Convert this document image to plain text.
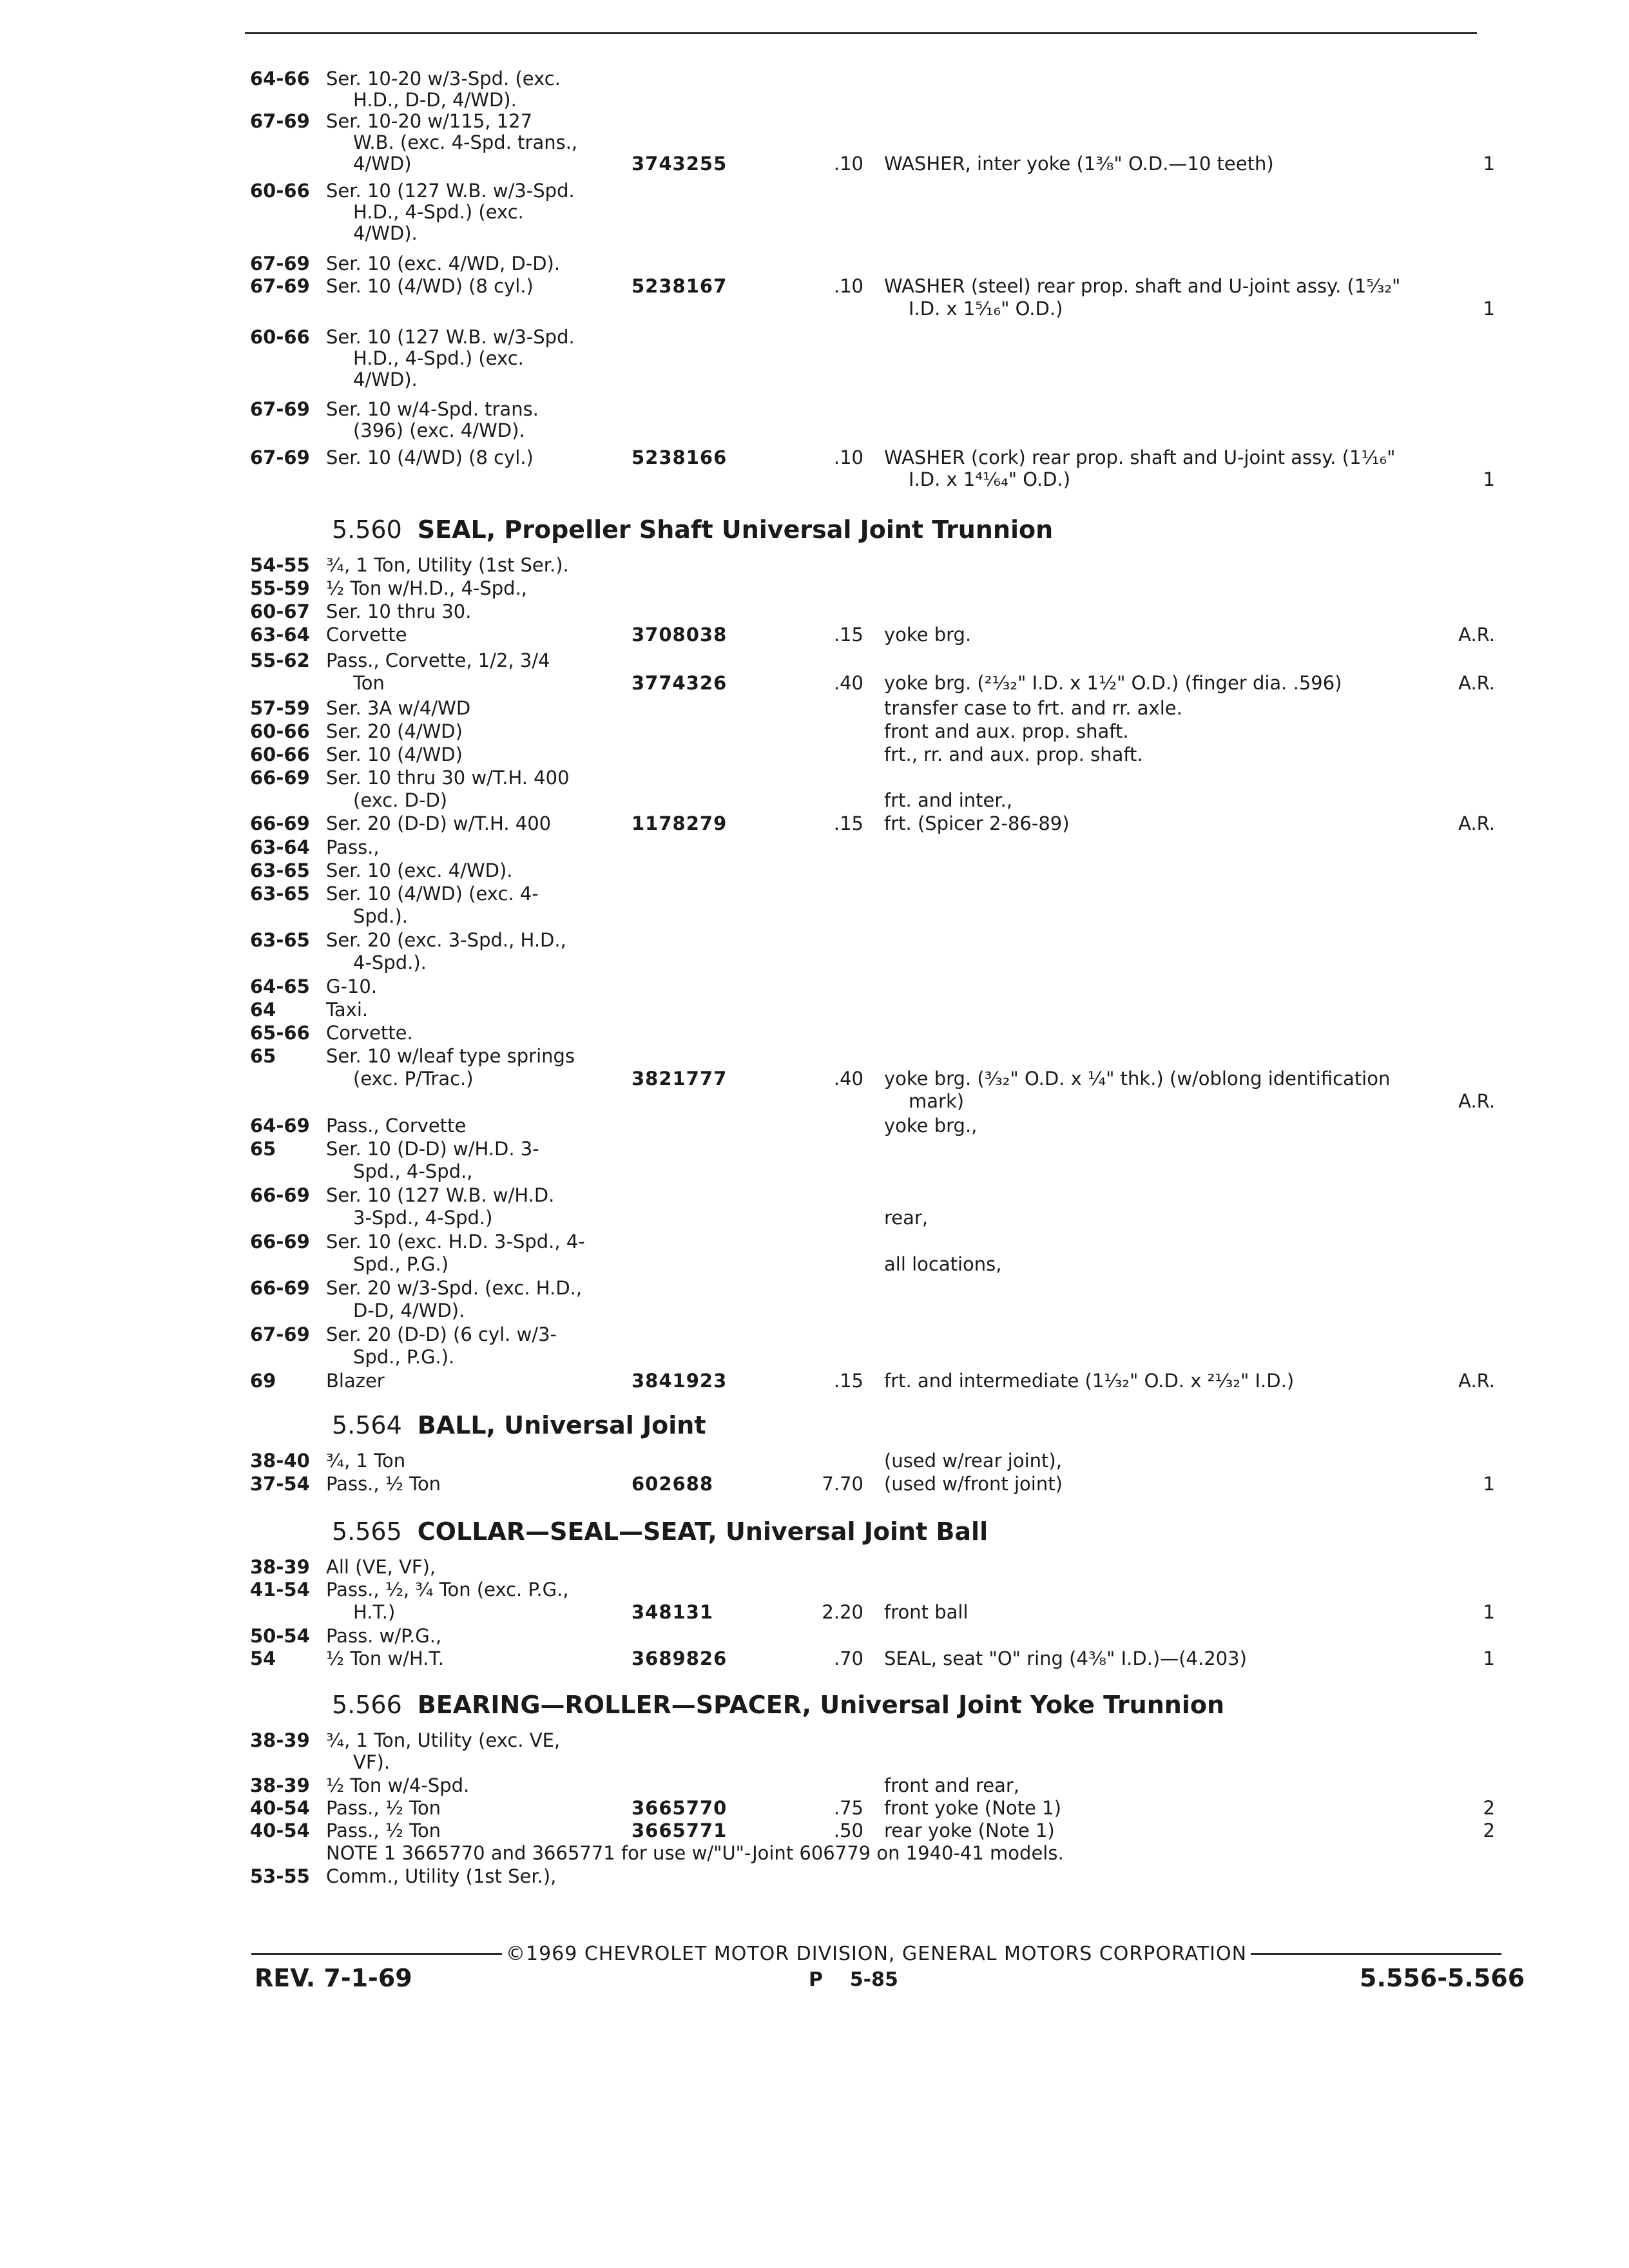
64-66 Ser. 10-20 w/3-Spd. (exc.
H.D., D-D, 4/WD).
67-69 Ser. 10-20 w/115, 127
W.B. (exc. 4-Spd. trans.,
4/WD)	3743255	.10 WASHER, inter yoke (1³⁄₈" O.D.—10 teeth)	1
60-66 Ser. 10 (127 W.B. w/3-Spd.
H.D., 4-Spd.) (exc.
4/WD).
67-69 Ser. 10 (exc. 4/WD, D-D).
67-69 Ser. 10 (4/WD) (8 cyl.)	5238167	.10 WASHER (steel) rear prop. shaft and U-joint assy. (1⁵⁄₃₂"
I.D. x 1⁵⁄₁₆" O.D.)	1
60-66 Ser. 10 (127 W.B. w/3-Spd.
H.D., 4-Spd.) (exc.
4/WD).
67-69 Ser. 10 w/4-Spd. trans.
(396) (exc. 4/WD).
67-69 Ser. 10 (4/WD) (8 cyl.)	5238166	.10 WASHER (cork) rear prop. shaft and U-joint assy. (1¹⁄₁₆"
I.D. x 1⁴¹⁄₆₄" O.D.)	1
54-55 ³⁄₄, 1 Ton, Utility (1st Ser.).
55-59 ½ Ton w/H.D., 4-Spd.,
60-67 Ser. 10 thru 30.
63-64 Corvette	3708038	.15 yoke brg.	A.R.
55-62 Pass., Corvette, 1/2, 3/4
Ton	3774326	.40 yoke brg. (²¹⁄₃₂" I.D. x 1½" O.D.) (finger dia. .596)	A.R.
57-59 Ser. 3A w/4/WD	transfer case to frt. and rr. axle.
60-66 Ser. 20 (4/WD)	front and aux. prop. shaft.
60-66 Ser. 10 (4/WD)	frt., rr. and aux. prop. shaft.
66-69 Ser. 10 thru 30 w/T.H. 400
(exc. D-D)	frt. and inter.,
66-69 Ser. 20 (D-D) w/T.H. 400	1178279	.15 frt. (Spicer 2-86-89)	A.R.
63-64 Pass.,
63-65 Ser. 10 (exc. 4/WD).
63-65 Ser. 10 (4/WD) (exc. 4-
Spd.).
63-65 Ser. 20 (exc. 3-Spd., H.D.,
4-Spd.).
64-65 G-10.
64	Taxi.
65-66 Corvette.
65	Ser. 10 w/leaf type springs
(exc. P/Trac.)	3821777	.40 yoke brg. (³⁄₃₂" O.D. x ¼" thk.) (w/oblong identification
mark)	A.R.
64-69 Pass., Corvette	yoke brg.,
65	Ser. 10 (D-D) w/H.D. 3-
Spd., 4-Spd.,
66-69 Ser. 10 (127 W.B. w/H.D.
3-Spd., 4-Spd.)	rear,
66-69 Ser. 10 (exc. H.D. 3-Spd., 4-
Spd., P.G.)	all locations,
66-69 Ser. 20 w/3-Spd. (exc. H.D.,
D-D, 4/WD).
67-69 Ser. 20 (D-D) (6 cyl. w/3-
Spd., P.G.).
69	Blazer	3841923	.15 frt. and intermediate (1¹⁄₃₂" O.D. x ²¹⁄₃₂" I.D.)	A.R.
38-40 ³⁄₄, 1 Ton	(used w/rear joint),
37-54 Pass., ½ Ton	602688	7.70 (used w/front joint)	1
38-39 All (VE, VF),
41-54 Pass., ½, ³⁄₄ Ton (exc. P.G.,
H.T.)	348131	2.20 front ball	1
50-54 Pass. w/P.G.,
54	½ Ton w/H.T.	3689826	.70 SEAL, seat "O" ring (4³⁄₈" I.D.)—(4.203)	1
38-39 ³⁄₄, 1 Ton, Utility (exc. VE,
VF).
38-39 ½ Ton w/4-Spd.	front and rear,
40-54 Pass., ½ Ton	3665770	.75 front yoke (Note 1)	2
40-54 Pass., ½ Ton	3665771	.50 rear yoke (Note 1)	2
NOTE 1 3665770 and 3665771 for use w/"U"-Joint 606779 on 1940-41 models.
53-55 Comm., Utility (1st Ser.),
5.560 SEAL, Propeller Shaft Universal Joint Trunnion
5.564 BALL, Universal Joint
5.565 COLLAR—SEAL—SEAT, Universal Joint Ball
5.566 BEARING—ROLLER—SPACER, Universal Joint Yoke Trunnion
©1969 CHEVROLET MOTOR DIVISION, GENERAL MOTORS CORPORATION
REV. 7-1-69	P    5-85	5.556-5.566
